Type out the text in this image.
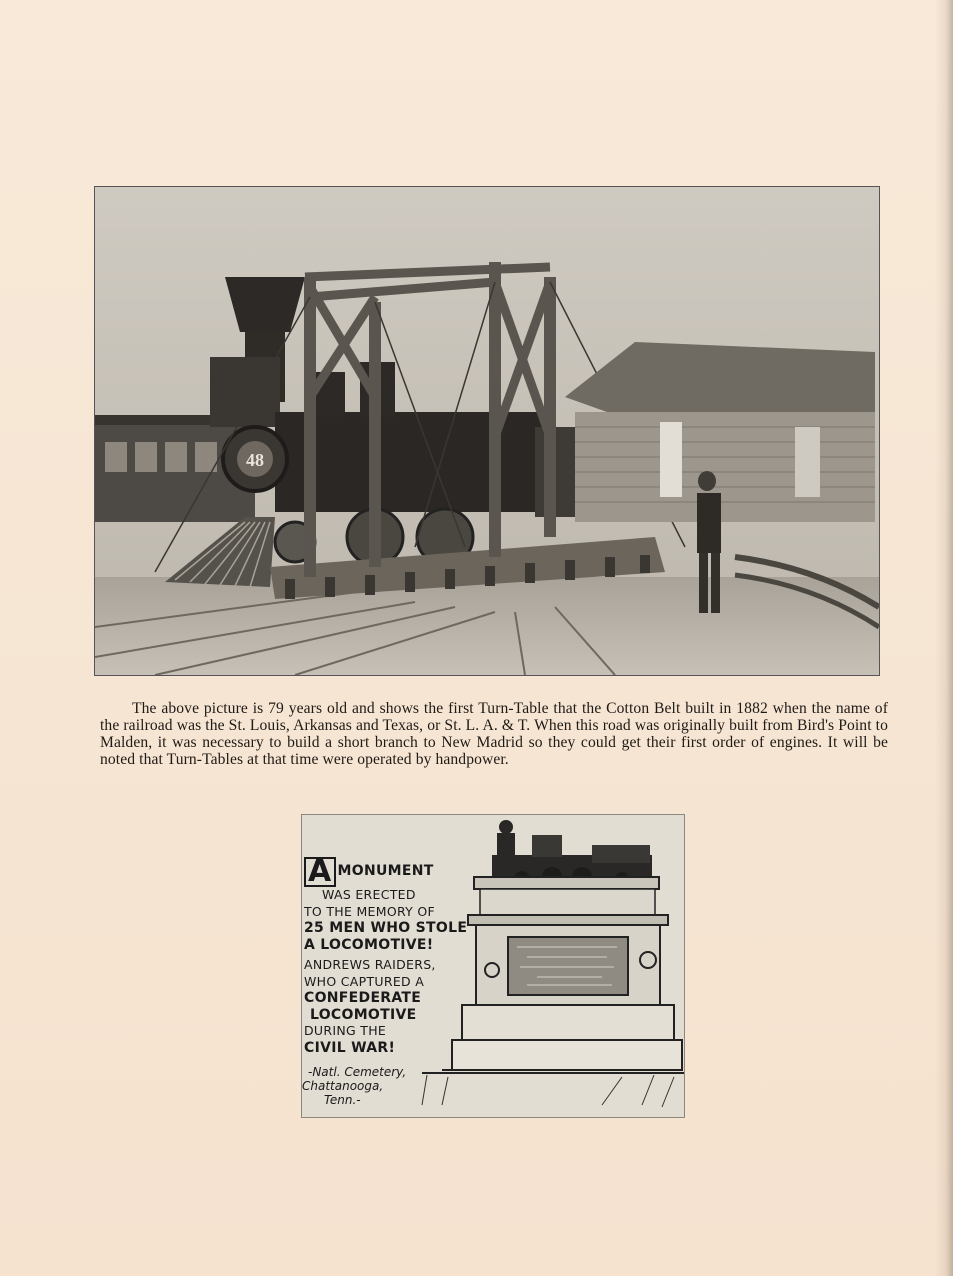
48

The above picture is 79 years old and shows the first Turn-Table that the Cotton Belt built in 1882 when the name of the railroad was the St. Louis, Arkansas and Texas, or St. L. A. & T. When this road was originally built from Bird's Point to Malden, it was necessary to build a short branch to New Madrid so they could get their first order of engines. It will be noted that Turn-Tables at that time were operated by handpower.

A MONUMENT
WAS ERECTED
TO THE MEMORY OF
25 MEN WHO STOLE
A LOCOMOTIVE!
ANDREWS RAIDERS,
WHO CAPTURED A
CONFEDERATE
LOCOMOTIVE
DURING THE
CIVIL WAR!
-Natl. Cemetery,
Chattanooga,
Tenn.-
